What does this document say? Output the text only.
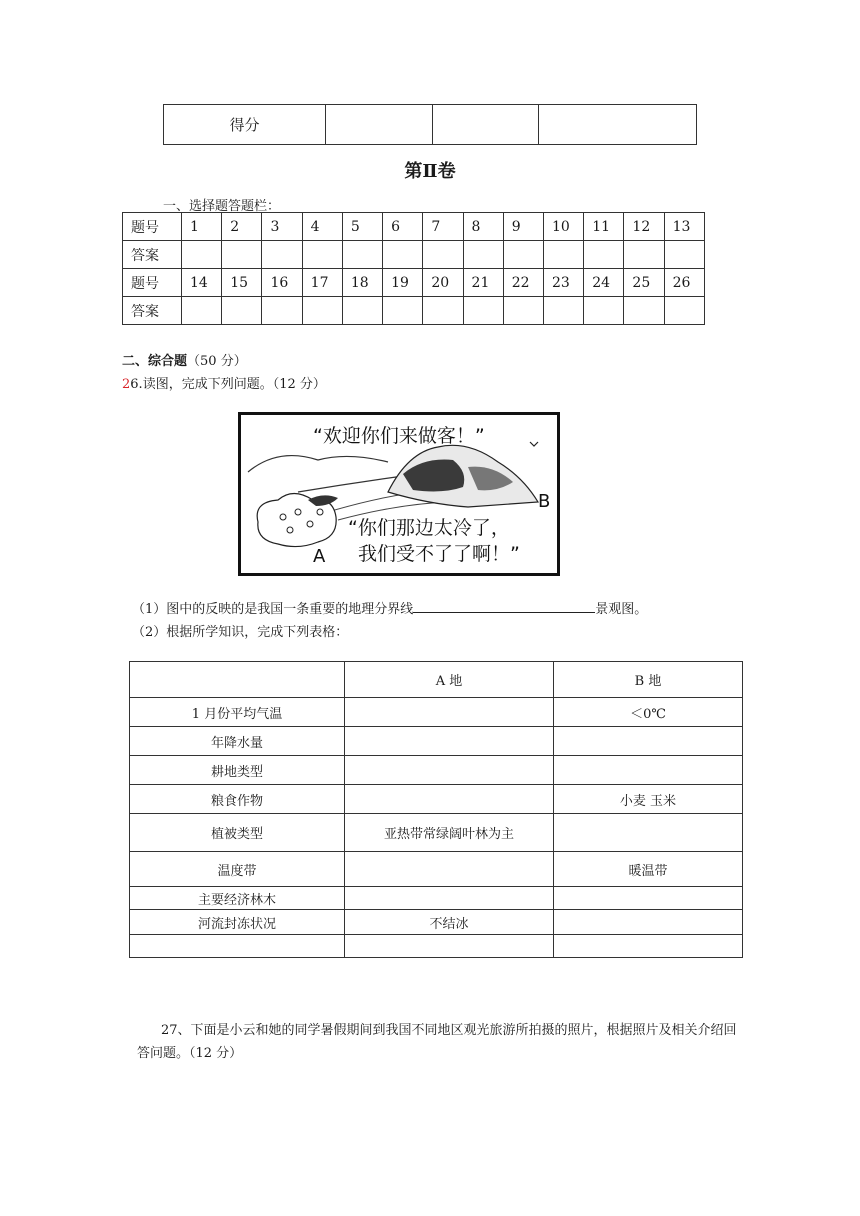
得分			
第Ⅱ卷
一、选择题答题栏：
题号	1	2	3	4	5	6	7	8	9	10	11	12	13
答案													
题号	14	15	16	17	18	19	20	21	22	23	24	25	26
答案													
二、综合题（50 分）
26.读图，完成下列问题。（12 分）
“欢迎你们来做客！”
“你们那边太冷了，
我们受不了了啊！”
A
B
（1）图中的反映的是我国一条重要的地理分界线	景观图。
（2）根据所学知识，完成下列表格：
	A 地	B 地
1 月份平均气温		＜0℃
年降水量		
耕地类型		
粮食作物		小麦 玉米
植被类型	亚热带常绿阔叶林为主	
温度带		暖温带
主要经济林木		
河流封冻状况	不结冰	

27、下面是小云和她的同学暑假期间到我国不同地区观光旅游所拍摄的照片，根据照片及相关介绍回答问题。（12 分）
